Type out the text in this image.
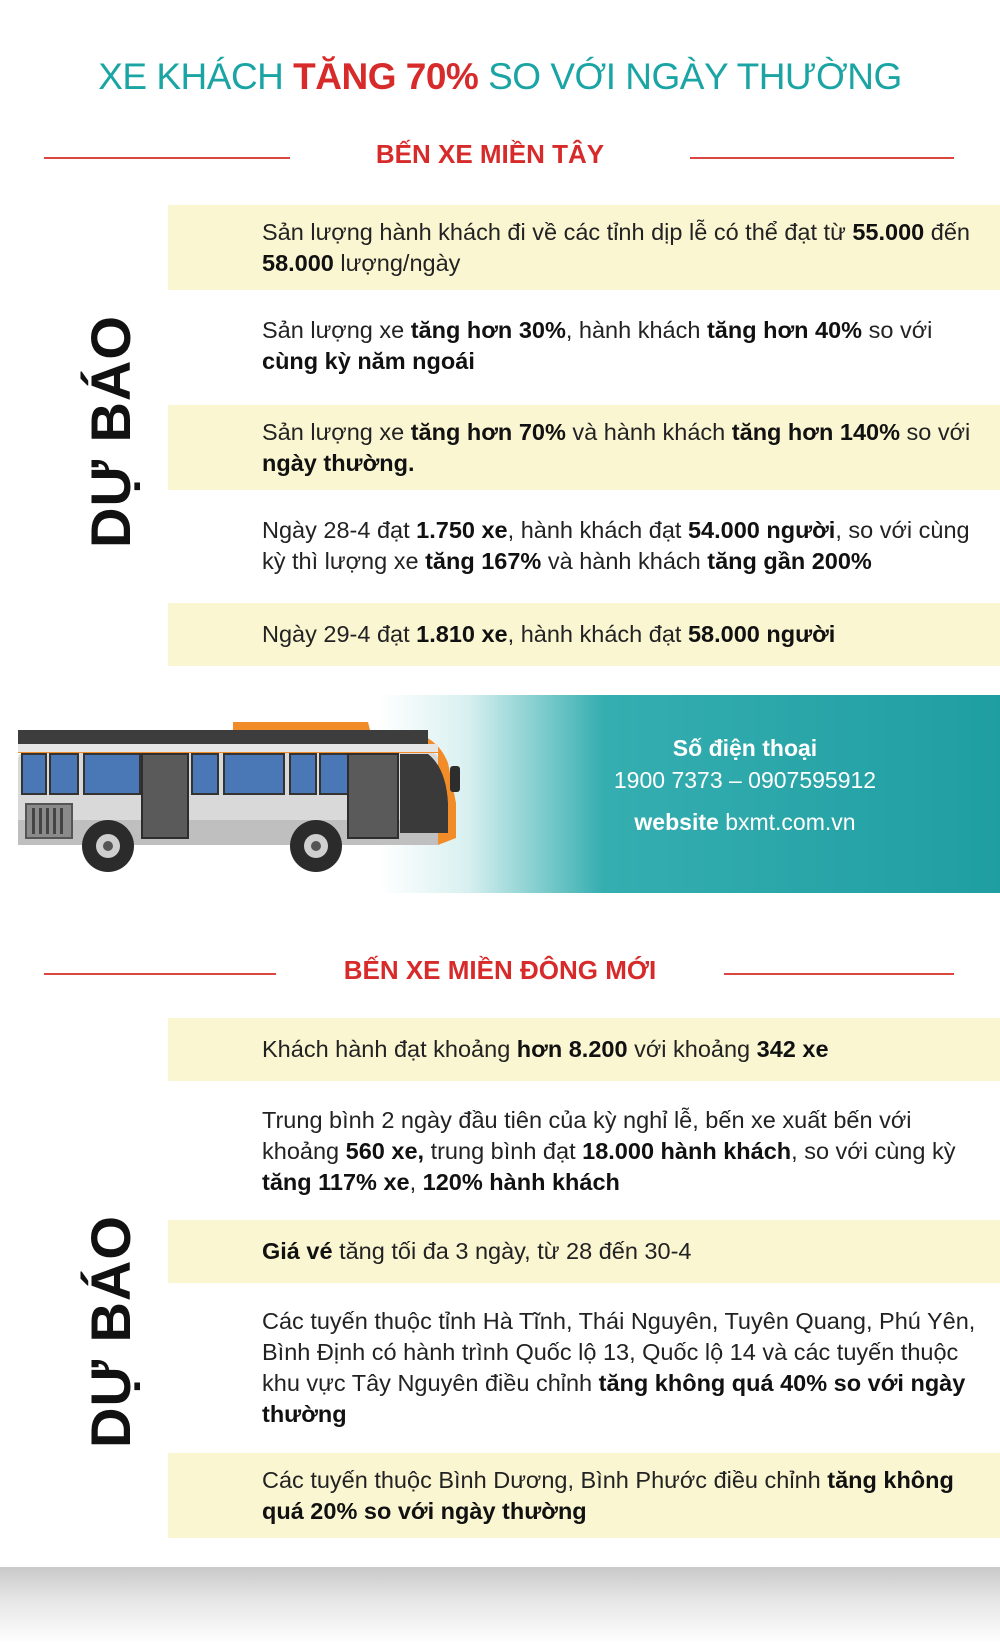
XE KHÁCH TĂNG 70% SO VỚI NGÀY THƯỜNG
BẾN XE MIỀN TÂY
DỰ BÁO
Sản lượng hành khách đi về các tỉnh dịp lễ có thể đạt từ 55.000 đến 58.000 lượng/ngày
Sản lượng xe tăng hơn 30%, hành khách tăng hơn 40% so với cùng kỳ năm ngoái
Sản lượng xe tăng hơn 70% và hành khách tăng hơn 140% so với ngày thường.
Ngày 28-4 đạt 1.750 xe, hành khách đạt 54.000 người, so với cùng kỳ thì lượng xe tăng 167% và hành khách tăng gần 200%
Ngày 29-4 đạt 1.810 xe, hành khách đạt 58.000 người
Số điện thoại
1900 7373 – 0907595912
website bxmt.com.vn
BẾN XE MIỀN ĐÔNG MỚI
DỰ BÁO
Khách hành đạt khoảng hơn 8.200 với khoảng 342 xe
Trung bình 2 ngày đầu tiên của kỳ nghỉ lễ, bến xe xuất bến với khoảng 560 xe, trung bình đạt 18.000 hành khách, so với cùng kỳ tăng 117% xe, 120% hành khách
Giá vé tăng tối đa 3 ngày, từ 28 đến 30-4
Các tuyến thuộc tỉnh Hà Tĩnh, Thái Nguyên, Tuyên Quang, Phú Yên, Bình Định có hành trình Quốc lộ 13, Quốc lộ 14 và các tuyến thuộc khu vực Tây Nguyên điều chỉnh tăng không quá 40% so với ngày thường
Các tuyến thuộc Bình Dương, Bình Phước điều chỉnh tăng không quá 20% so với ngày thường
